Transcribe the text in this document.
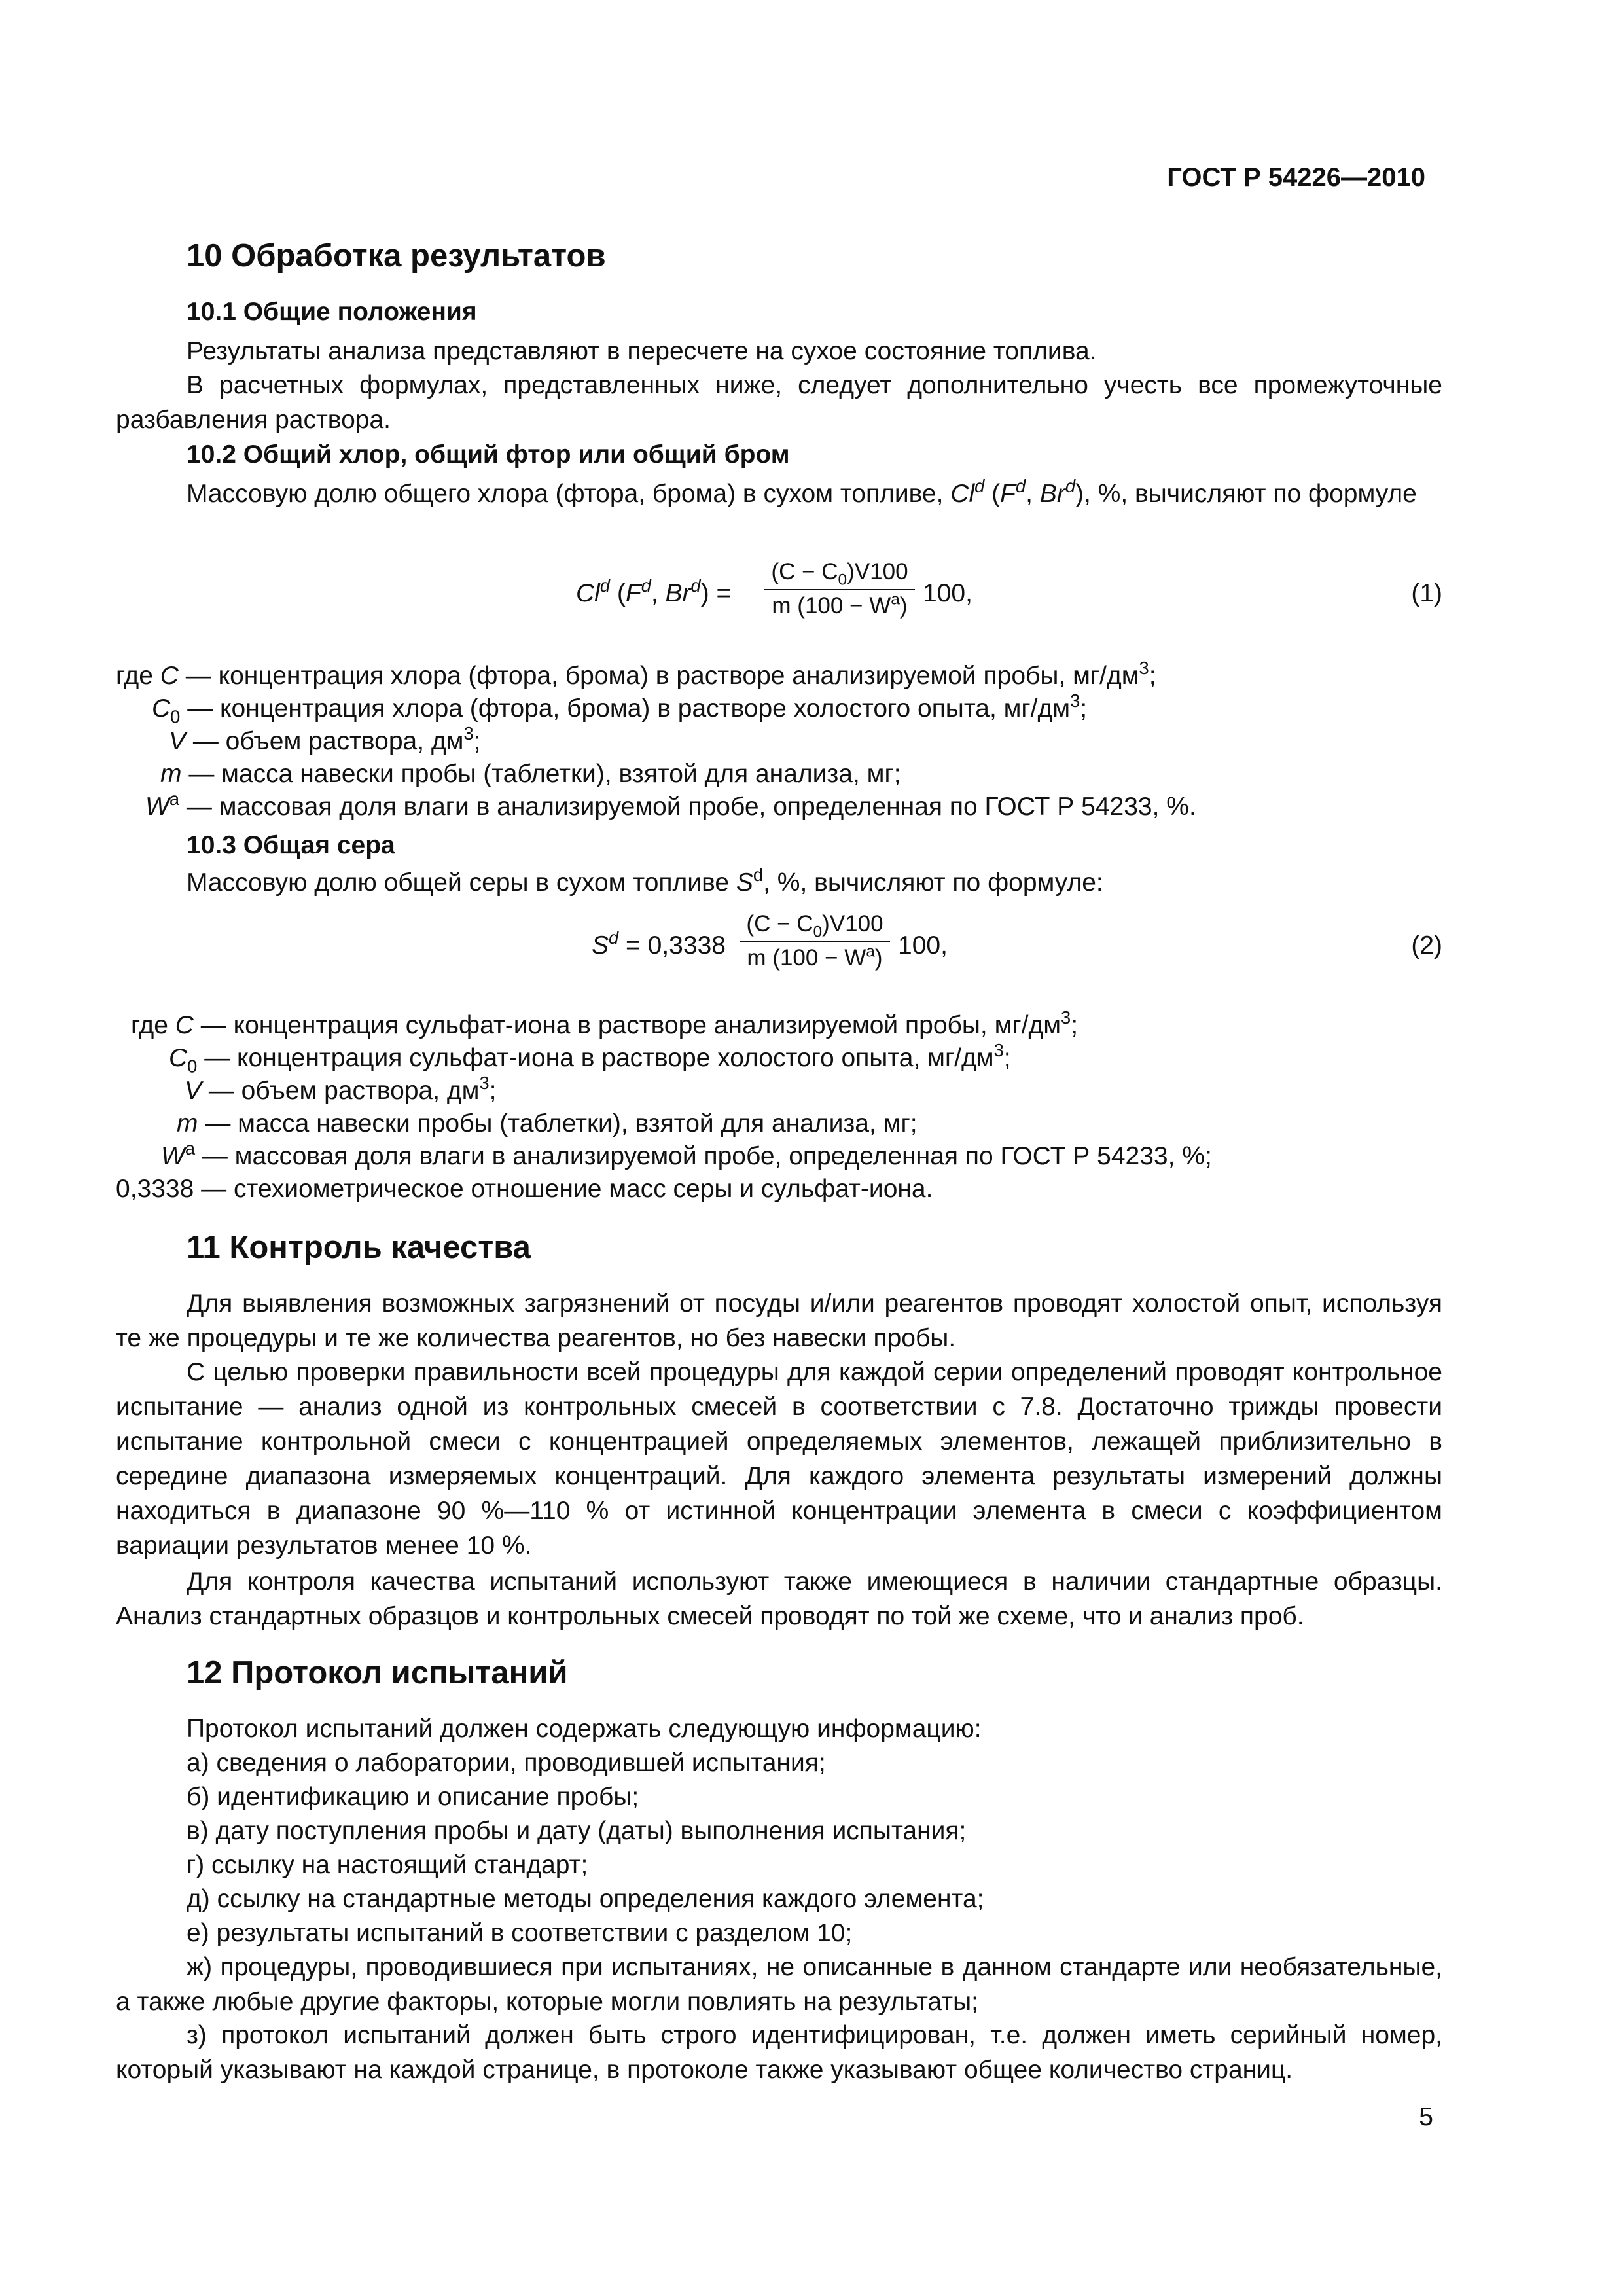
ГОСТ Р 54226—2010
10 Обработка результатов
10.1 Общие положения
Результаты анализа представляют в пересчете на сухое состояние топлива.
В расчетных формулах, представленных ниже, следует дополнительно учесть все промежуточные разбавления раствора.
10.2 Общий хлор, общий фтор или общий бром
Массовую долю общего хлора (фтора, брома) в сухом топливе, Cl$^d$ ($F^d$, Br$^d$), %, вычисляют по формуле
Cl$^d$ ($F^d$, $Br^d) = \frac{(C - C_0)V100}{m (100 - W^a)} 100$,	(1)
где C — концентрация хлора (фтора, брома) в растворе анализируемой пробы, $мг/дм^3$;
$C_0$ — концентрация хлора (фтора, брома) в растворе холостого опыта, $мг/дм^3$;
V — объем раствора, $дм^3$;
m — масса навески пробы (таблетки), взятой для анализа, мг;
$W^a$ — массовая доля влаги в анализируемой пробе, определенная по ГОСТ Р 54233, %.
10.3 Общая сера
Массовую долю общей серы в сухом топливе $S^d$, %, вычисляют по формуле:
$S^d = 0,3338 \frac{(C - C_0)V100}{m (100 - W^a)} 100$,	(2)
где C — концентрация сульфат-иона в растворе анализируемой пробы, $мг/дм^3$;
$C_0$ — концентрация сульфат-иона в растворе холостого опыта, $мг/дм^3$;
V — объем раствора, $дм^3$;
m — масса навески пробы (таблетки), взятой для анализа, мг;
$W^a$ — массовая доля влаги в анализируемой пробе, определенная по ГОСТ Р 54233, %;
0,3338 — стехиометрическое отношение масс серы и сульфат-иона.
11 Контроль качества
Для выявления возможных загрязнений от посуды и/или реагентов проводят холостой опыт, используя те же процедуры и те же количества реагентов, но без навески пробы.
С целью проверки правильности всей процедуры для каждой серии определений проводят контрольное испытание — анализ одной из контрольных смесей в соответствии с 7.8. Достаточно трижды провести испытание контрольной смеси с концентрацией определяемых элементов, лежащей приблизительно в середине диапазона измеряемых концентраций. Для каждого элемента результаты измерений должны находиться в диапазоне 90 %—110 % от истинной концентрации элемента в смеси с коэффициентом вариации результатов менее 10 %.
Для контроля качества испытаний используют также имеющиеся в наличии стандартные образцы. Анализ стандартных образцов и контрольных смесей проводят по той же схеме, что и анализ проб.
12 Протокол испытаний
Протокол испытаний должен содержать следующую информацию:
а) сведения о лаборатории, проводившей испытания;
б) идентификацию и описание пробы;
в) дату поступления пробы и дату (даты) выполнения испытания;
г) ссылку на настоящий стандарт;
д) ссылку на стандартные методы определения каждого элемента;
е) результаты испытаний в соответствии с разделом 10;
ж) процедуры, проводившиеся при испытаниях, не описанные в данном стандарте или необязательные, а также любые другие факторы, которые могли повлиять на результаты;
з) протокол испытаний должен быть строго идентифицирован, т.е. должен иметь серийный номер, который указывают на каждой странице, в протоколе также указывают общее количество страниц.
5
